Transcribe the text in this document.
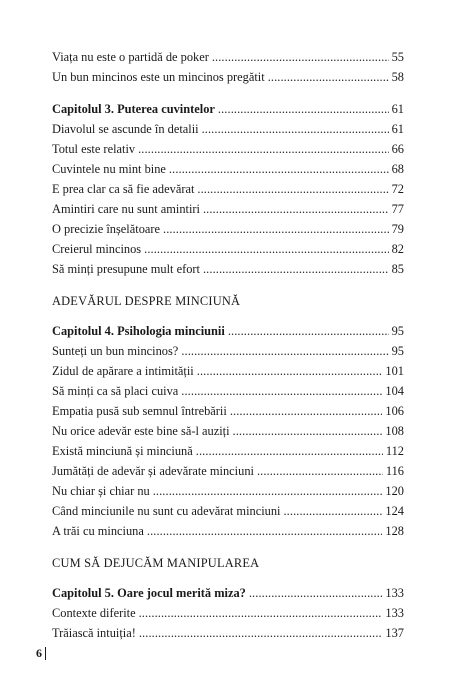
Viața nu este o partidă de poker . . .	55
Un bun mincinos este un mincinos pregătit . . .	58
Capitolul 3. Puterea cuvintelor . . .	61
Diavolul se ascunde în detalii . . .	61
Totul este relativ . . .	66
Cuvintele nu mint bine . . .	68
E prea clar ca să fie adevărat . . .	72
Amintiri care nu sunt amintiri . . .	77
O precizie înșelătoare . . .	79
Creierul mincinos . . .	82
Să minți presupune mult efort . . .	85
ADEVĂRUL DESPRE MINCIUNĂ
Capitolul 4. Psihologia minciunii . . .	95
Sunteți un bun mincinos? . . .	95
Zidul de apărare a intimității . . .	101
Să minți ca să placi cuiva . . .	104
Empatia pusă sub semnul întrebării . . .	106
Nu orice adevăr este bine să-l auziți . . .	108
Există minciună și minciună . . .	112
Jumătăți de adevăr și adevărate minciuni . . .	116
Nu chiar și chiar nu . . .	120
Când minciunile nu sunt cu adevărat minciuni . . .	124
A trăi cu minciuna . . .	128
CUM SĂ DEJUCĂM MANIPULAREA
Capitolul 5. Oare jocul merită miza? . . .	133
Contexte diferite . . .	133
Trăiască intuiția! . . .	137
6
